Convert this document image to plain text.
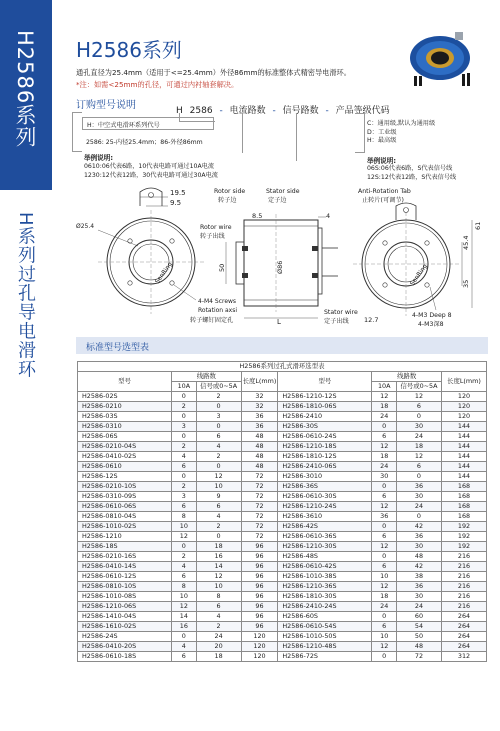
H2586系列
H系列过孔导电滑环
H2586系列
通孔直径为25.4mm（适用于<=25.4mm）外径86mm的标准整体式精密导电滑环。
*注：如需<25mm的孔径，可通过内衬轴套解决。
订购型号说明	H 2586 - 电流路数 - 信号路数 - 产品等级代码
H：中空式电滑环系列代号
2586: 25-内径25.4mm；86-外径86mm
举例说明:
0610:06代表6路，10代表电路可通过10A电流
1230:12代表12路，30代表电路可通过30A电流
C：通用级,默认为通用级
D：工业级
H：最高级
举例说明:
06S:06代表6路，S代表信号线
12S:12代表12路，S代表信号线
SenRing
19.5
9.5
Ø25.4	Rotor wire
转子出线
4-M4 Screws
Rotation axsi
转子螺钉固定孔
Rotor side
转子边
Stator side
定子边
8.5	4
50	Ø86
L
Stator wire
定子出线
Anti-Rotation Tab
止转片(可调节)
SenRing
45.4
61
35
12.7
4-M3 Deep 8
4-M3深8
标准型号选型表
H2586系列过孔式滑环选型表							
型号	线路数		长度L(mm)	型号	线路数		长度L(mm)
	10A	信号或0~5A			10A	信号或0~5A	
H2586-02S	0	2	32	H2586-1210-12S	12	12	120
H2586-0210	2	0	32	H2586-1810-06S	18	6	120
H2586-03S	0	3	36	H2586-2410	24	0	120
H2586-0310	3	0	36	H2586-30S	0	30	144
H2586-06S	0	6	48	H2586-0610-24S	6	24	144
H2586-0210-04S	2	4	48	H2586-1210-18S	12	18	144
H2586-0410-02S	4	2	48	H2586-1810-12S	18	12	144
H2586-0610	6	0	48	H2586-2410-06S	24	6	144
H2586-12S	0	12	72	H2586-3010	30	0	144
H2586-0210-10S	2	10	72	H2586-36S	0	36	168
H2586-0310-09S	3	9	72	H2586-0610-30S	6	30	168
H2586-0610-06S	6	6	72	H2586-1210-24S	12	24	168
H2586-0810-04S	8	4	72	H2586-3610	36	0	168
H2586-1010-02S	10	2	72	H2586-42S	0	42	192
H2586-1210	12	0	72	H2586-0610-36S	6	36	192
H2586-18S	0	18	96	H2586-1210-30S	12	30	192
H2586-0210-16S	2	16	96	H2586-48S	0	48	216
H2586-0410-14S	4	14	96	H2586-0610-42S	6	42	216
H2586-0610-12S	6	12	96	H2586-1010-38S	10	38	216
H2586-0810-10S	8	10	96	H2586-1210-36S	12	36	216
H2586-1010-08S	10	8	96	H2586-1810-30S	18	30	216
H2586-1210-06S	12	6	96	H2586-2410-24S	24	24	216
H2586-1410-04S	14	4	96	H2586-60S	0	60	264
H2586-1610-02S	16	2	96	H2586-0610-54S	6	54	264
H2586-24S	0	24	120	H2586-1010-50S	10	50	264
H2586-0410-20S	4	20	120	H2586-1210-48S	12	48	264
H2586-0610-18S	6	18	120	H2586-72S	0	72	312
